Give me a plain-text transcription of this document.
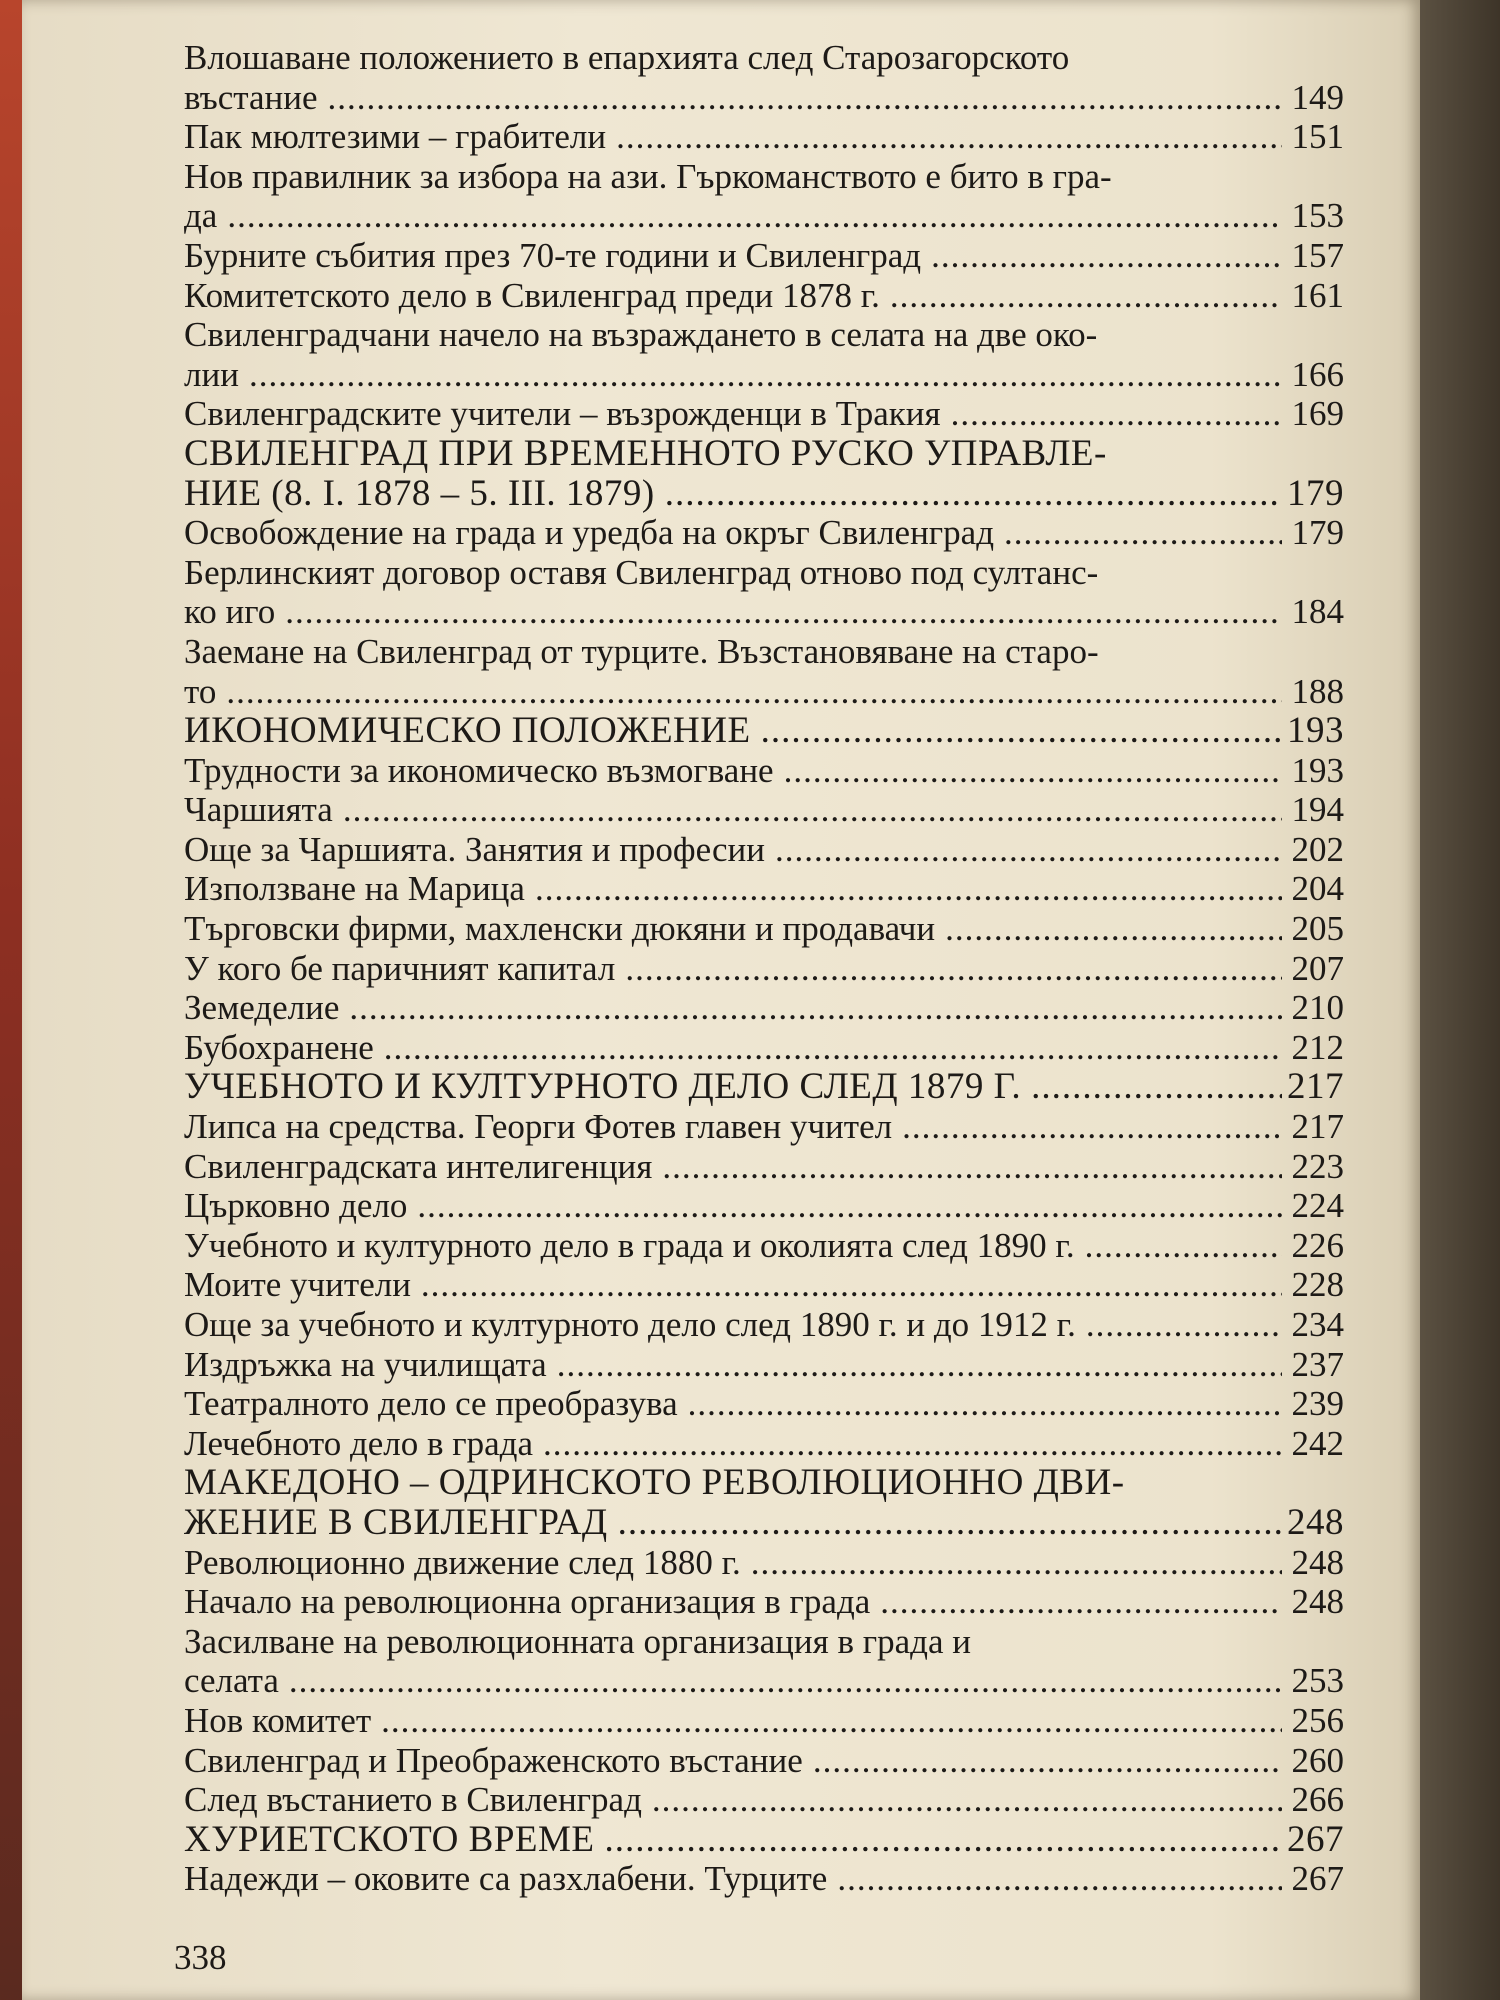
Влошаване положението в епархията след Старозагорското
въстание .....	149
Пак мюлтезими – грабители .....	151
Нов правилник за избора на ази. Гъркоманството е бито в гра-
да .....	153
Бурните събития през 70-те години и Свиленград .....	157
Комитетското дело в Свиленград преди 1878 г. .....	161
Свиленградчани начело на възраждането в селата на две око-
лии .....	166
Свиленградските учители – възрожденци в Тракия .....	169
СВИЛЕНГРАД ПРИ ВРЕМЕННОТО РУСКО УПРАВЛЕ-
НИЕ (8. I. 1878 – 5. III. 1879) .....	179
Освобождение на града и уредба на окръг Свиленград .....	179
Берлинският договор оставя Свиленград отново под султанс-
ко иго .....	184
Заемане на Свиленград от турците. Възстановяване на старо-
то .....	188
ИКОНОМИЧЕСКО ПОЛОЖЕНИЕ .....	193
Трудности за икономическо възмогване .....	193
Чаршията .....	194
Още за Чаршията. Занятия и професии .....	202
Използване на Марица .....	204
Търговски фирми, махленски дюкяни и продавачи .....	205
У кого бе паричният капитал .....	207
Земеделие .....	210
Бубохранене .....	212
УЧЕБНОТО И КУЛТУРНОТО ДЕЛО СЛЕД 1879 Г. .....	217
Липса на средства. Георги Фотев главен учител .....	217
Свиленградската интелигенция .....	223
Църковно дело .....	224
Учебното и културното дело в града и околията след 1890 г. .....	226
Моите учители .....	228
Още за учебното и културното дело след 1890 г. и до 1912 г. .....	234
Издръжка на училищата .....	237
Театралното дело се преобразува .....	239
Лечебното дело в града .....	242
МАКЕДОНО – ОДРИНСКОТО РЕВОЛЮЦИОННО ДВИ-
ЖЕНИЕ В СВИЛЕНГРАД .....	248
Революционно движение след 1880 г. .....	248
Начало на революционна организация в града .....	248
Засилване на революционната организация в града и
селата .....	253
Нов комитет .....	256
Свиленград и Преображенското въстание .....	260
След въстанието в Свиленград .....	266
ХУРИЕТСКОТО ВРЕМЕ .....	267
Надежди – оковите са разхлабени. Турците .....	267
338
